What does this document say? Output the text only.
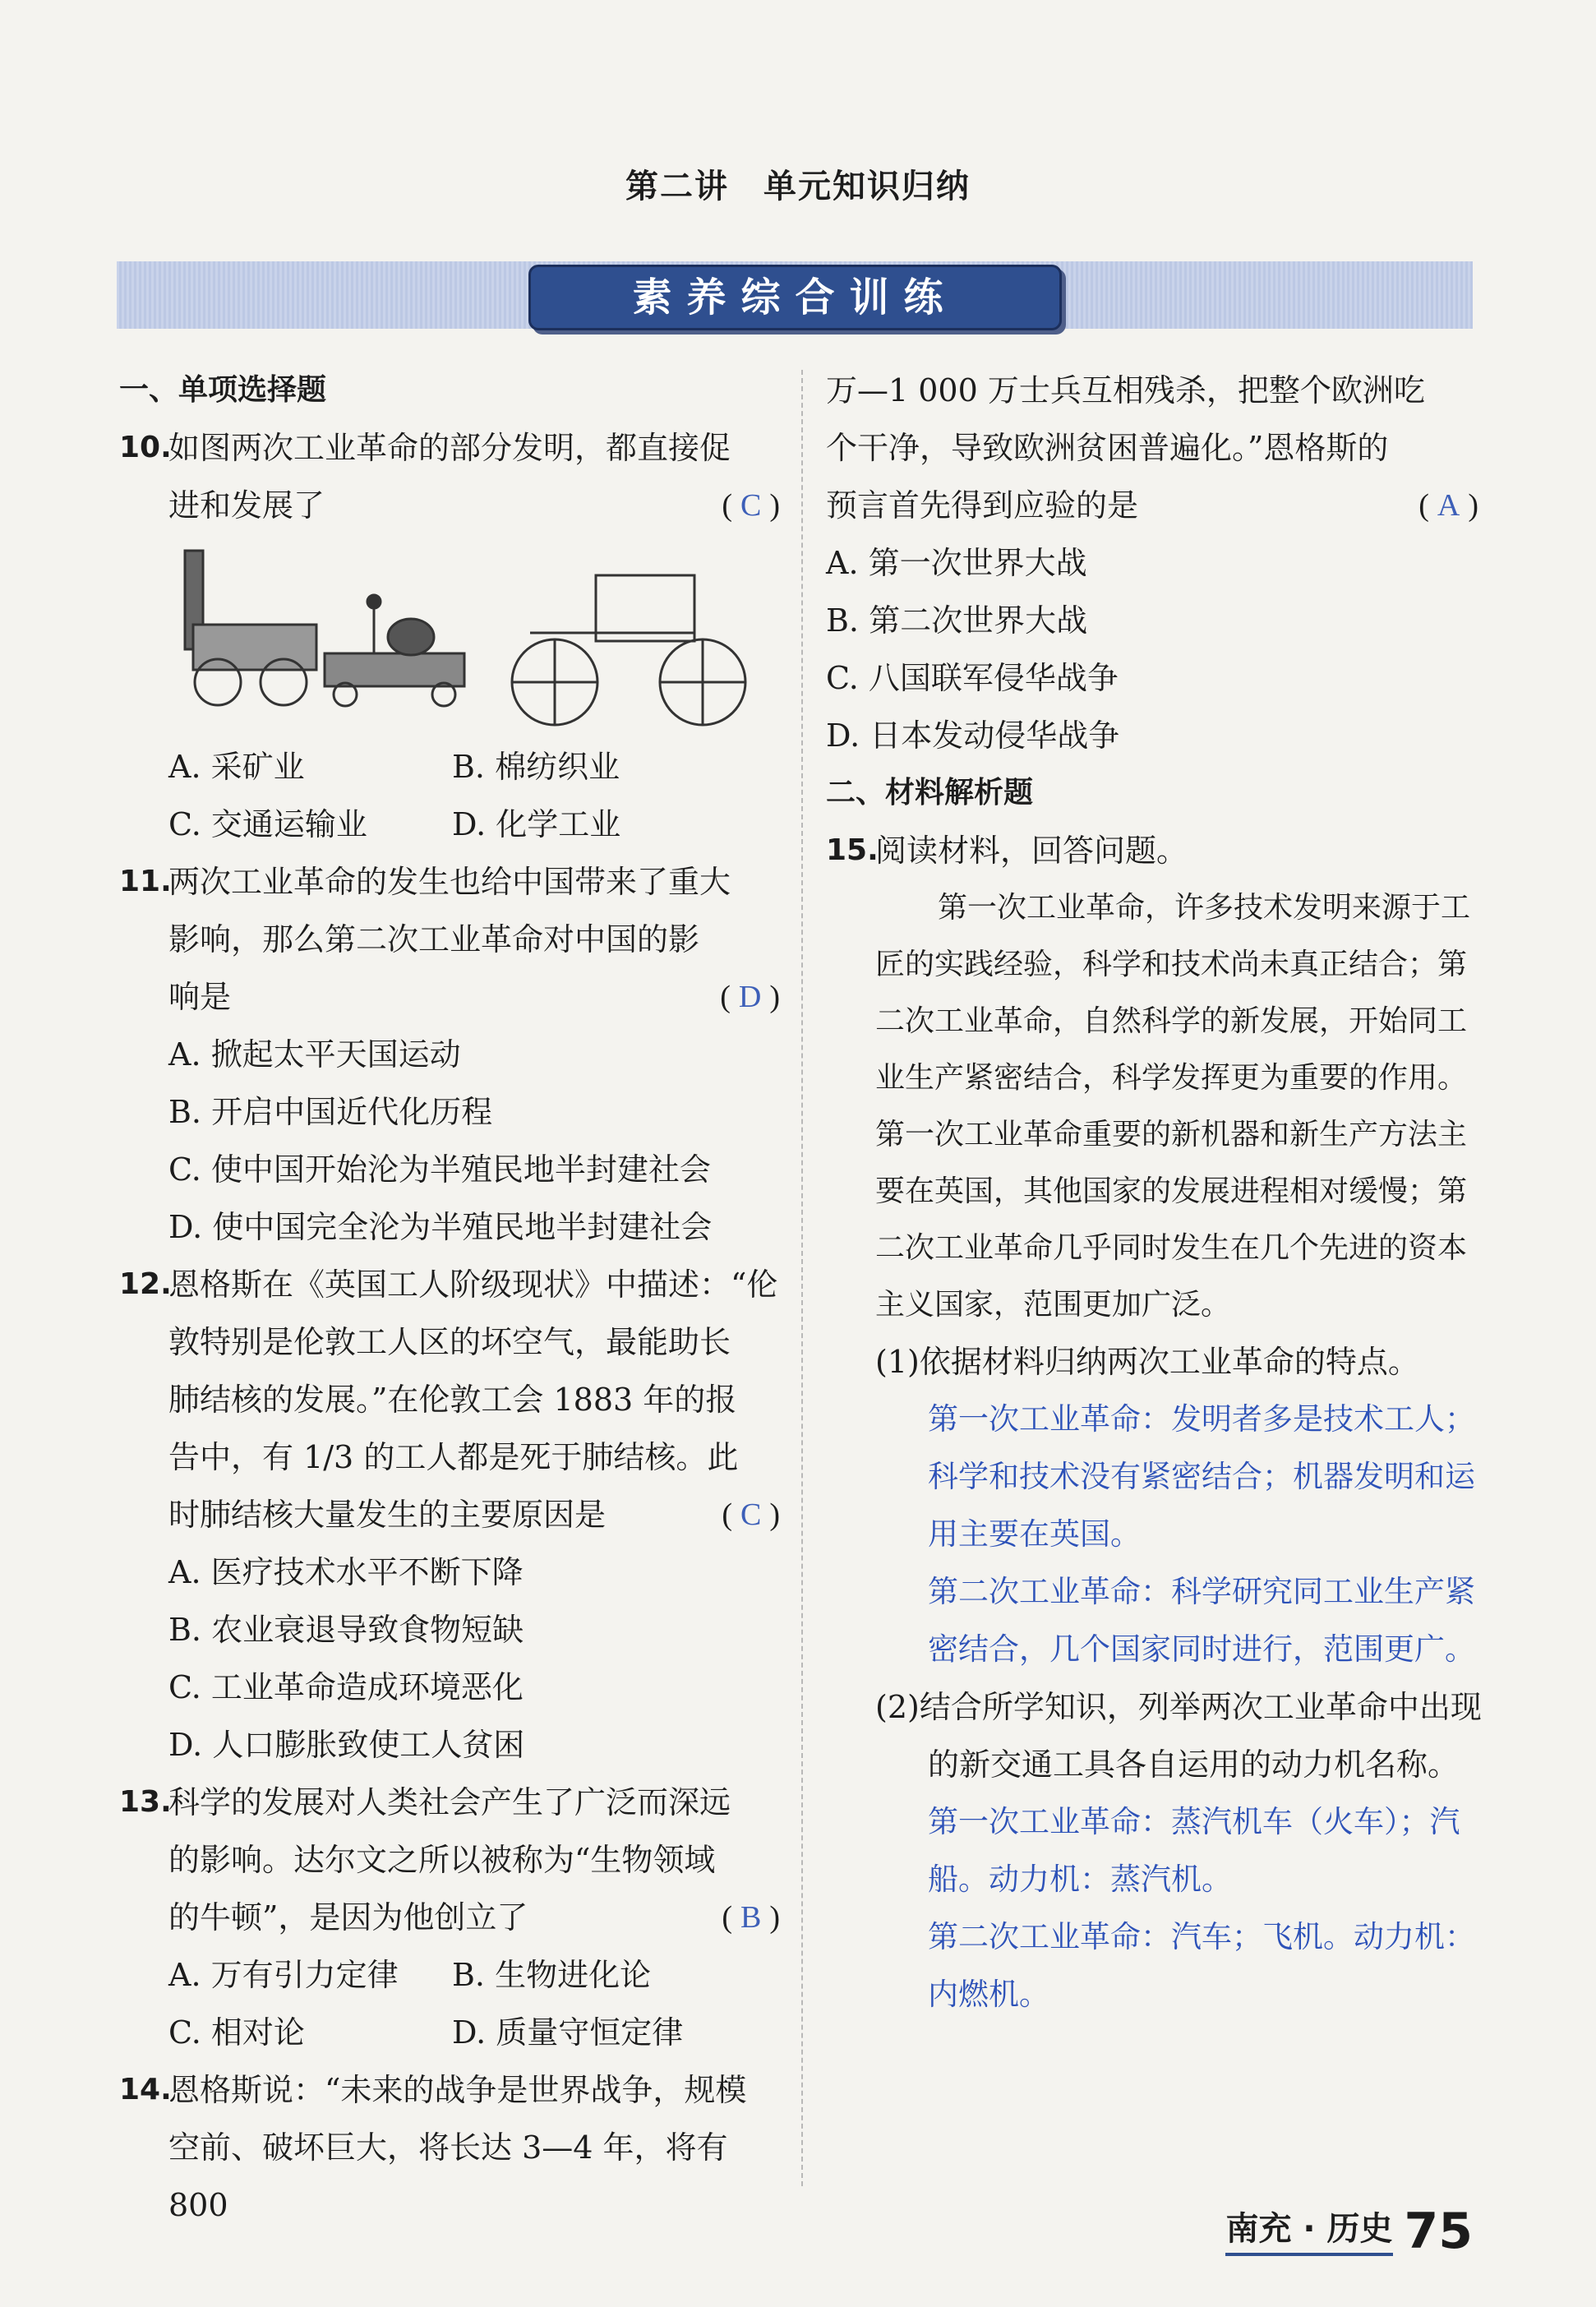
第二讲　单元知识归纳
素养综合训练
一、单项选择题
10.
如图两次工业革命的部分发明，都直接促
进和发展了	( C )
A. 采矿业	B. 棉纺织业
C. 交通运输业	D. 化学工业
11.
两次工业革命的发生也给中国带来了重大
影响，那么第二次工业革命对中国的影
响是	( D )
A. 掀起太平天国运动
B. 开启中国近代化历程
C. 使中国开始沦为半殖民地半封建社会
D. 使中国完全沦为半殖民地半封建社会
12.
恩格斯在《英国工人阶级现状》中描述：“伦
敦特别是伦敦工人区的坏空气，最能助长
肺结核的发展。”在伦敦工会 1883 年的报
告中，有 1/3 的工人都是死于肺结核。此
时肺结核大量发生的主要原因是	( C )
A. 医疗技术水平不断下降
B. 农业衰退导致食物短缺
C. 工业革命造成环境恶化
D. 人口膨胀致使工人贫困
13.
科学的发展对人类社会产生了广泛而深远
的影响。达尔文之所以被称为“生物领域
的牛顿”，是因为他创立了	( B )
A. 万有引力定律	B. 生物进化论
C. 相对论	D. 质量守恒定律
14.
恩格斯说：“未来的战争是世界战争，规模
空前、破坏巨大，将长达 3—4 年，将有 800
万—1 000 万士兵互相残杀，把整个欧洲吃
个干净，导致欧洲贫困普遍化。”恩格斯的
预言首先得到应验的是	( A )
A. 第一次世界大战
B. 第二次世界大战
C. 八国联军侵华战争
D. 日本发动侵华战争
二、材料解析题
15.
阅读材料，回答问题。
第一次工业革命，许多技术发明来源于工匠的实践经验，科学和技术尚未真正结合；第二次工业革命，自然科学的新发展，开始同工业生产紧密结合，科学发挥更为重要的作用。第一次工业革命重要的新机器和新生产方法主要在英国，其他国家的发展进程相对缓慢；第二次工业革命几乎同时发生在几个先进的资本主义国家，范围更加广泛。
(1)依据材料归纳两次工业革命的特点。
第一次工业革命：发明者多是技术工人；科学和技术没有紧密结合；机器发明和运用主要在英国。
第二次工业革命：科学研究同工业生产紧密结合，几个国家同时进行，范围更广。
(2)结合所学知识，列举两次工业革命中出现的新交通工具各自运用的动力机名称。
第一次工业革命：蒸汽机车（火车）；汽船。动力机：蒸汽机。
第二次工业革命：汽车；飞机。动力机：内燃机。
南充 · 历史 75
